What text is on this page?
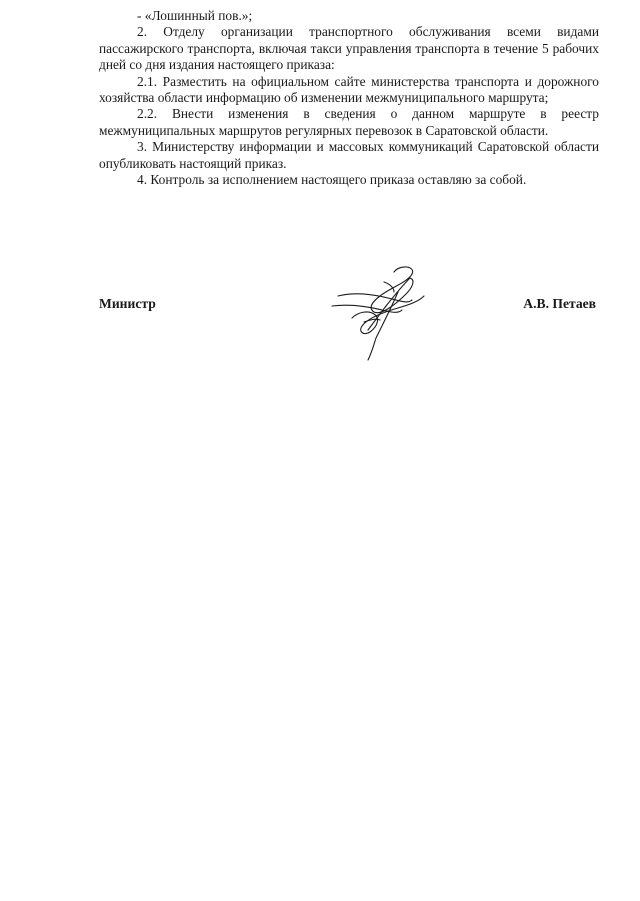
- «Лошинный пов.»;

2. Отделу организации транспортного обслуживания всеми видами пассажирского транспорта, включая такси управления транспорта в течение 5 рабочих дней со дня издания настоящего приказа:

2.1. Разместить на официальном сайте министерства транспорта и дорожного хозяйства области информацию об изменении межмуниципального маршрута;

2.2. Внести изменения в сведения о данном маршруте в реестр межмуниципальных маршрутов регулярных перевозок в Саратовской области.

3. Министерству информации и массовых коммуникаций Саратовской области опубликовать настоящий приказ.

4. Контроль за исполнением настоящего приказа оставляю за собой.

Министр	А.В. Петаев
